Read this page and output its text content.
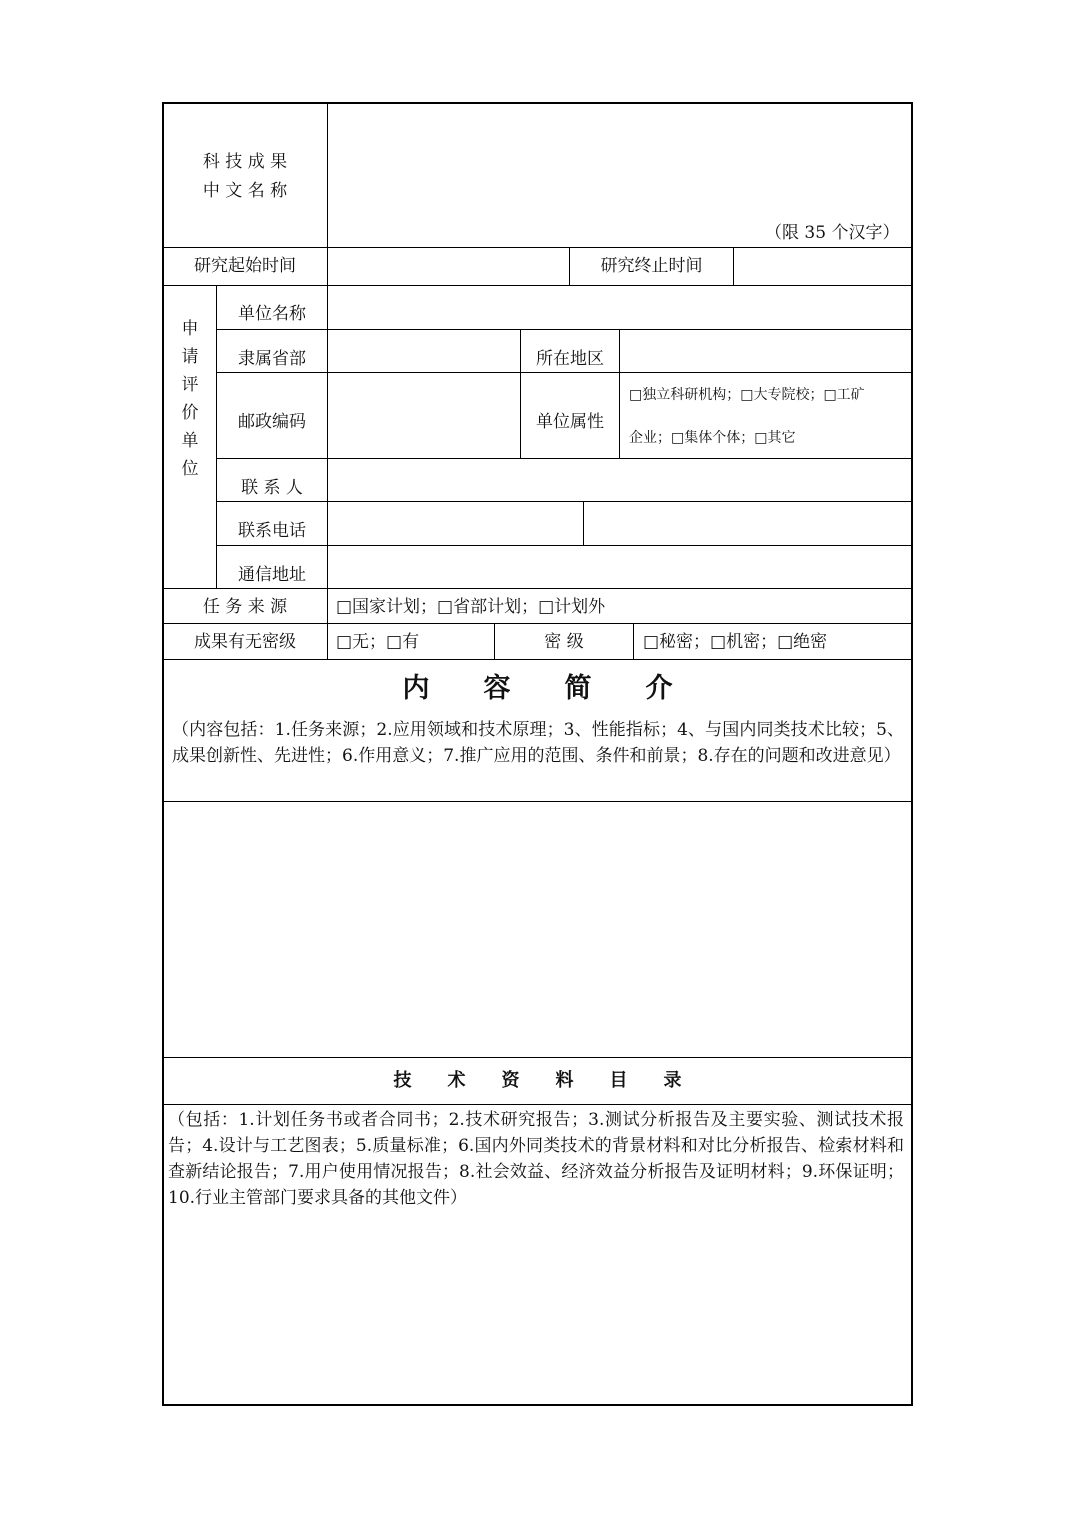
科 技 成 果
中 文 名 称
（限 35 个汉字）
研究起始时间	研究终止时间
申请评价单位
单位名称
隶属省部	所在地区
邮政编码	单位属性
□独立科研机构；□大专院校；□工矿
企业；□集体个体；□其它
联 系 人
联系电话
通信地址
任 务 来 源	□国家计划；□省部计划；□计划外
成果有无密级	□无；□有	密 级	□秘密；□机密；□绝密
内　　容　　简　　介
（内容包括：1.任务来源；2.应用领域和技术原理；3、性能指标；4、与国内同类技术比较；5、成果创新性、先进性；6.作用意义；7.推广应用的范围、条件和前景；8.存在的问题和改进意见）
技　　术　　资　　料　　目　　录
（包括：1.计划任务书或者合同书；2.技术研究报告；3.测试分析报告及主要实验、测试技术报告；4.设计与工艺图表；5.质量标准；6.国内外同类技术的背景材料和对比分析报告、检索材料和查新结论报告；7.用户使用情况报告；8.社会效益、经济效益分析报告及证明材料；9.环保证明；10.行业主管部门要求具备的其他文件）
